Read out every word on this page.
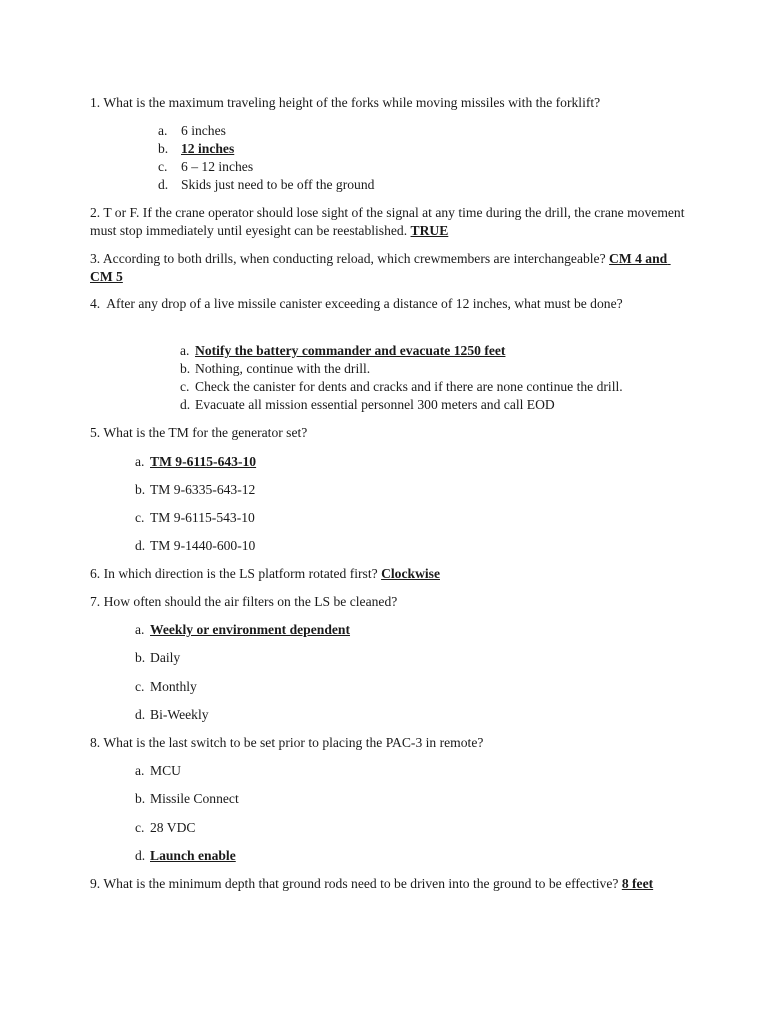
1. What is the maximum traveling height of the forks while moving missiles with the forklift?
a. 6 inches
b. 12 inches
c. 6 – 12 inches
d. Skids just need to be off the ground
2. T or F. If the crane operator should lose sight of the signal at any time during the drill, the crane movement must stop immediately until eyesight can be reestablished. TRUE
3. According to both drills, when conducting reload, which crewmembers are interchangeable? CM 4 and CM 5
4.  After any drop of a live missile canister exceeding a distance of 12 inches, what must be done?
a. Notify the battery commander and evacuate 1250 feet
b. Nothing, continue with the drill.
c. Check the canister for dents and cracks and if there are none continue the drill.
d. Evacuate all mission essential personnel 300 meters and call EOD
5. What is the TM for the generator set?
a. TM 9-6115-643-10
b. TM 9-6335-643-12
c. TM 9-6115-543-10
d. TM 9-1440-600-10
6. In which direction is the LS platform rotated first? Clockwise
7. How often should the air filters on the LS be cleaned?
a. Weekly or environment dependent
b. Daily
c. Monthly
d. Bi-Weekly
8. What is the last switch to be set prior to placing the PAC-3 in remote?
a. MCU
b. Missile Connect
c. 28 VDC
d. Launch enable
9. What is the minimum depth that ground rods need to be driven into the ground to be effective? 8 feet
